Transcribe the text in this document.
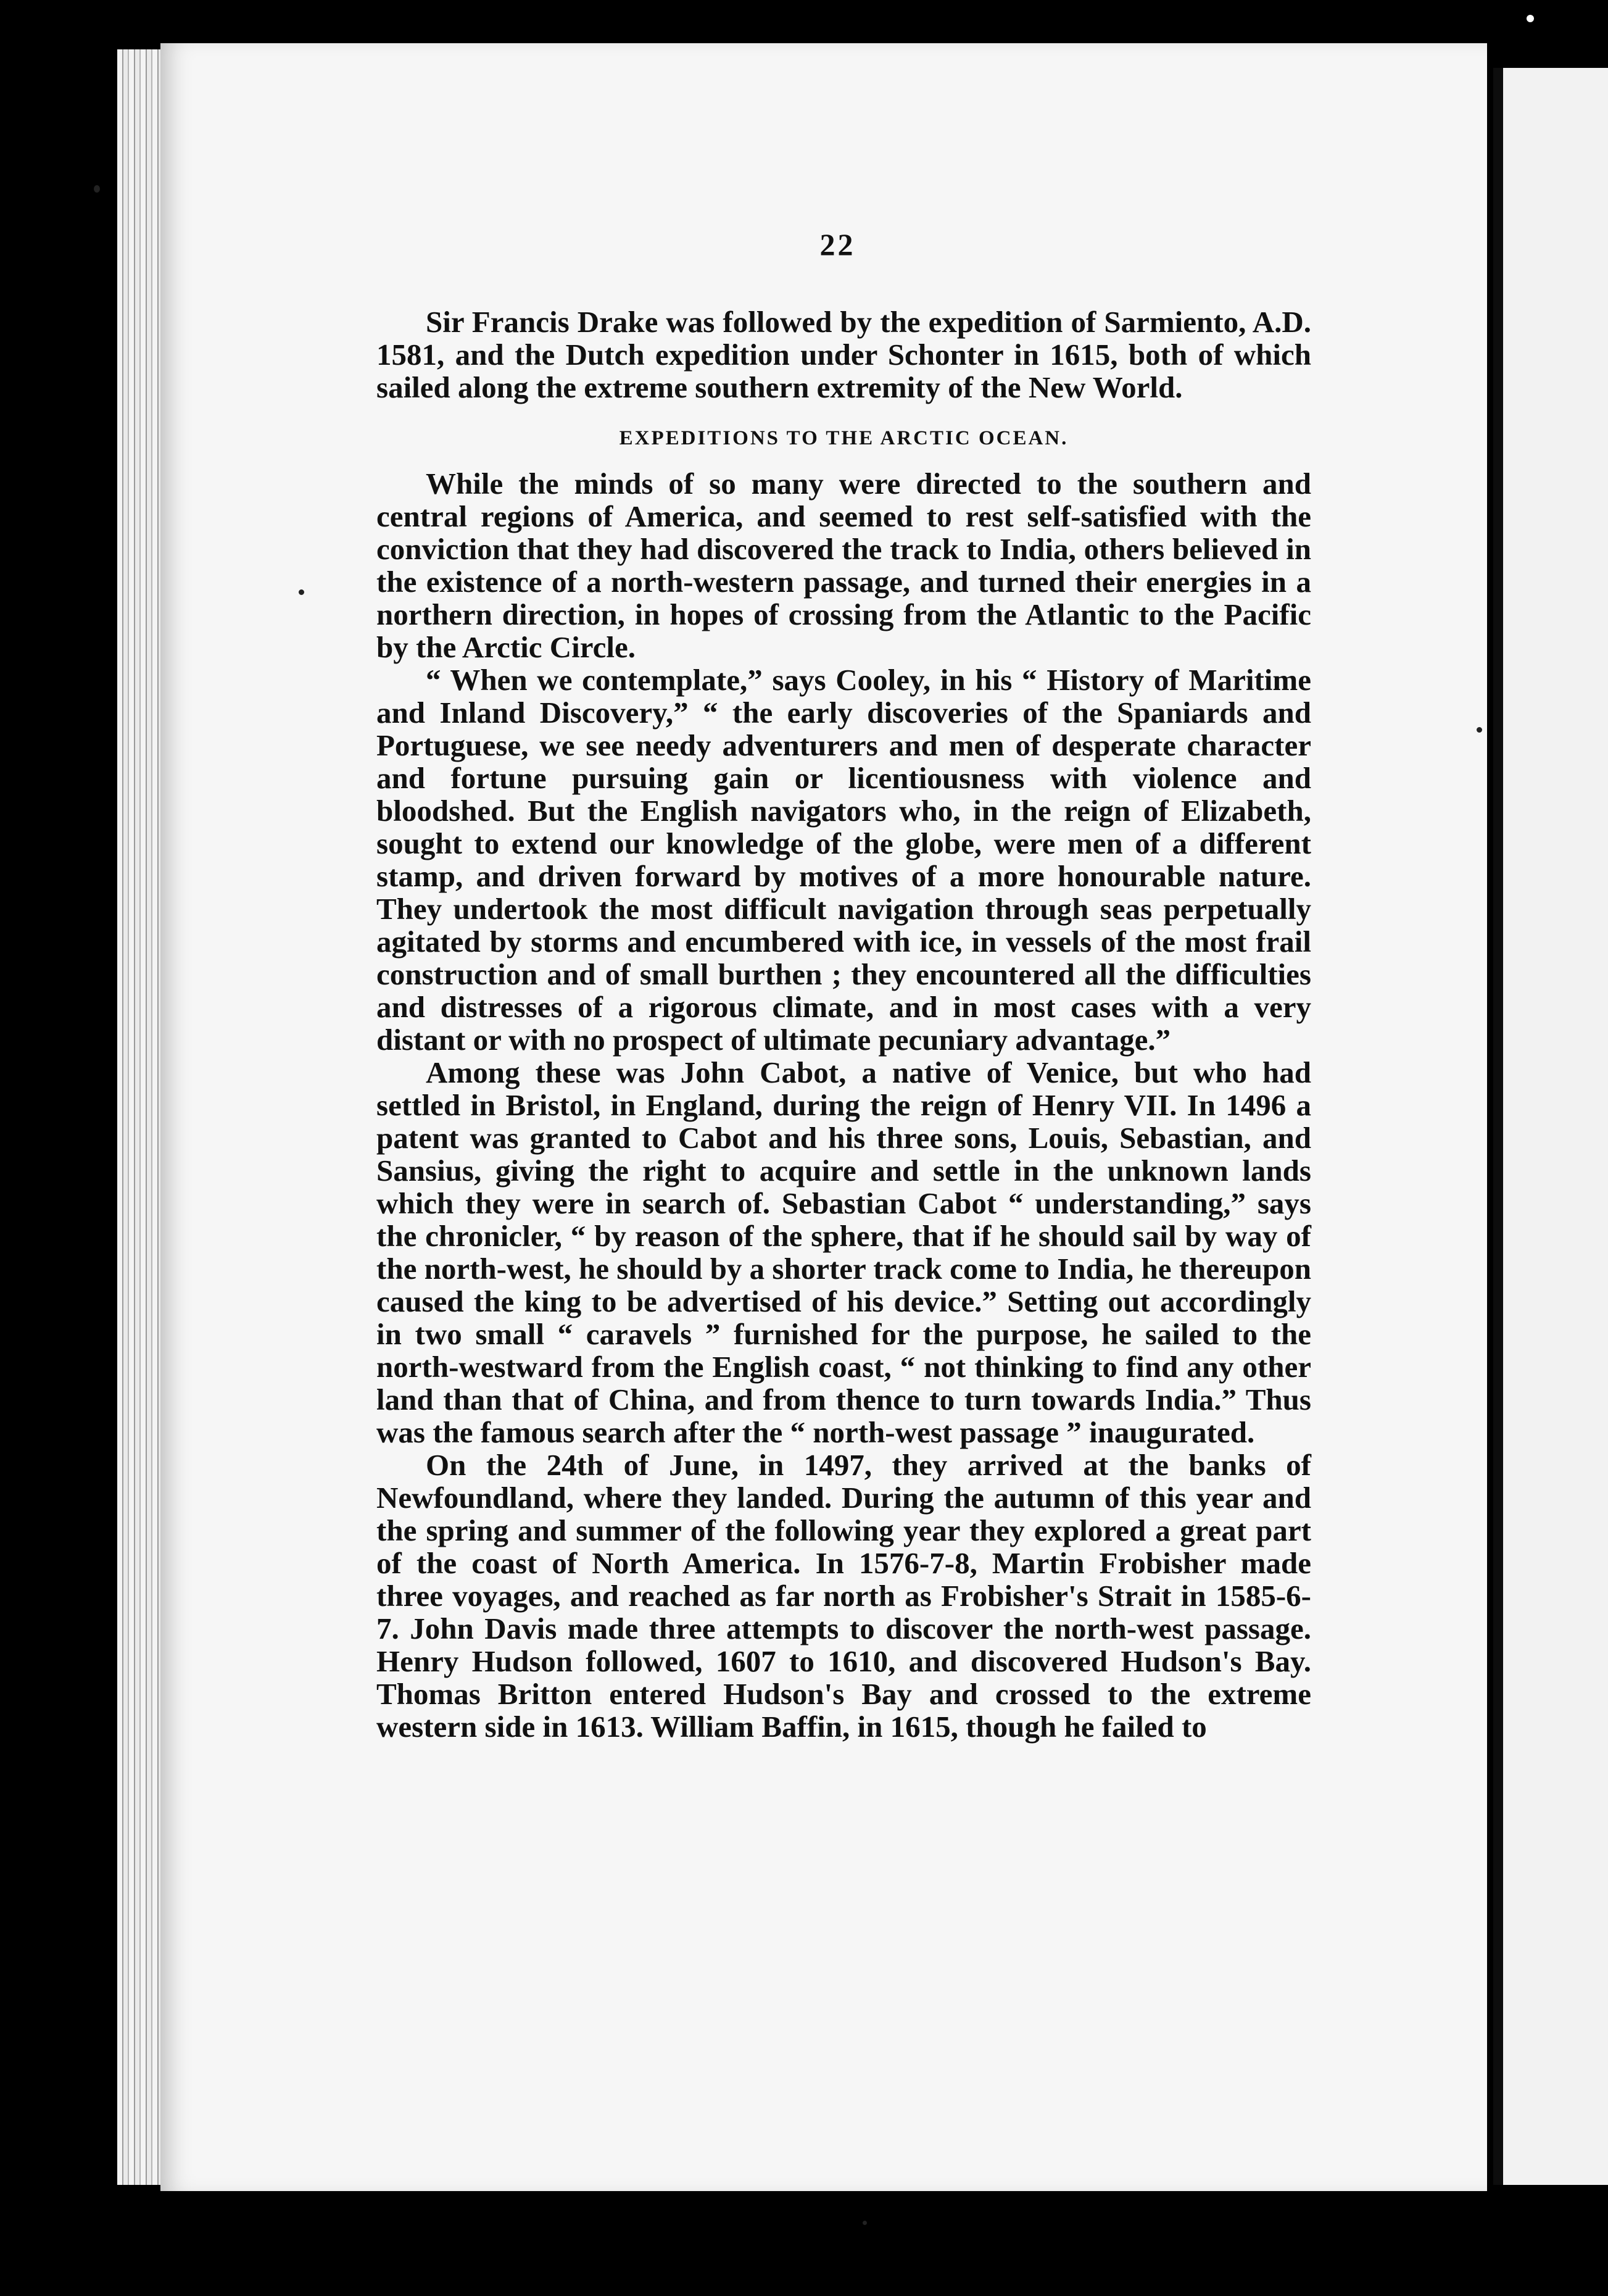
22

Sir Francis Drake was followed by the expedition of Sarmiento, A.D. 1581, and the Dutch expedition under Schonter in 1615, both of which sailed along the extreme southern extremity of the New World.

EXPEDITIONS TO THE ARCTIC OCEAN.

While the minds of so many were directed to the southern and central regions of America, and seemed to rest self-satisfied with the conviction that they had discovered the track to India, others believed in the existence of a north-western passage, and turned their energies in a northern direction, in hopes of crossing from the Atlantic to the Pacific by the Arctic Circle.

“ When we contemplate,” says Cooley, in his “ History of Maritime and Inland Discovery,” “ the early discoveries of the Spaniards and Portuguese, we see needy adventurers and men of desperate character and fortune pursuing gain or licentiousness with violence and bloodshed. But the English navigators who, in the reign of Elizabeth, sought to extend our knowledge of the globe, were men of a different stamp, and driven forward by motives of a more honourable nature. They undertook the most difficult navigation through seas perpetually agitated by storms and encumbered with ice, in vessels of the most frail construction and of small burthen ; they encountered all the difficulties and distresses of a rigorous climate, and in most cases with a very distant or with no prospect of ultimate pecuniary advantage.”

Among these was John Cabot, a native of Venice, but who had settled in Bristol, in England, during the reign of Henry VII. In 1496 a patent was granted to Cabot and his three sons, Louis, Sebastian, and Sansius, giving the right to acquire and settle in the unknown lands which they were in search of. Sebastian Cabot “ understanding,” says the chronicler, “ by reason of the sphere, that if he should sail by way of the north-west, he should by a shorter track come to India, he thereupon caused the king to be advertised of his device.” Setting out accordingly in two small “ caravels ” furnished for the purpose, he sailed to the north-westward from the English coast, “ not thinking to find any other land than that of China, and from thence to turn towards India.” Thus was the famous search after the “ north-west passage ” inaugurated.

On the 24th of June, in 1497, they arrived at the banks of Newfoundland, where they landed. During the autumn of this year and the spring and summer of the following year they explored a great part of the coast of North America. In 1576-7-8, Martin Frobisher made three voyages, and reached as far north as Frobisher's Strait in 1585-6-7. John Davis made three attempts to discover the north-west passage. Henry Hudson followed, 1607 to 1610, and discovered Hudson's Bay. Thomas Britton entered Hudson's Bay and crossed to the extreme western side in 1613. William Baffin, in 1615, though he failed to
